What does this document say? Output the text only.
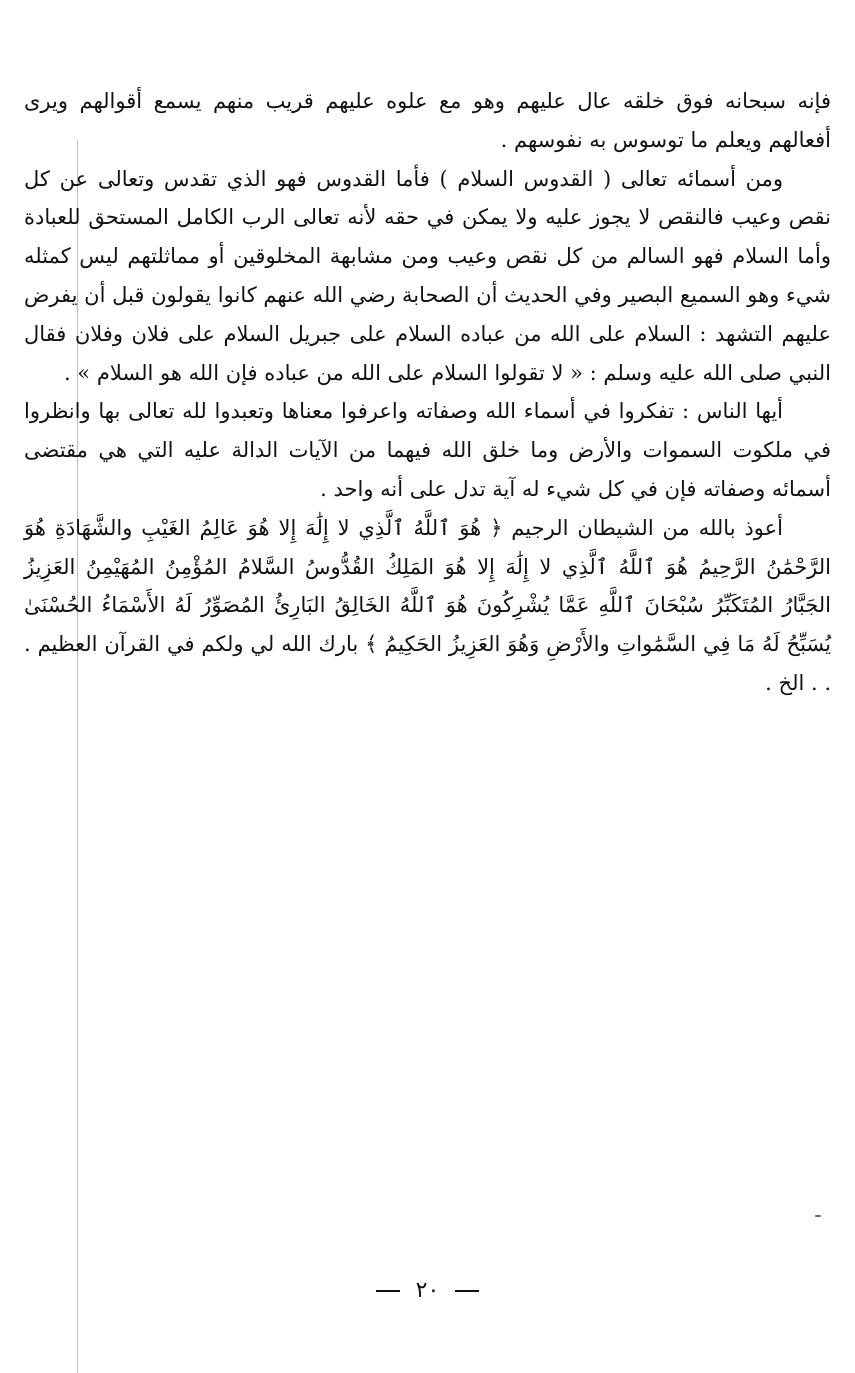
فإنه سبحانه فوق خلقه عال عليهم وهو مع علوه عليهم قريب منهم يسمع أقوالهم ويرى أفعالهم ويعلم ما توسوس به نفوسهم .

ومن أسمائه تعالى ( القدوس السلام ) فأما القدوس فهو الذي تقدس وتعالى عن كل نقص وعيب فالنقص لا يجوز عليه ولا يمكن في حقه لأنه تعالى الرب الكامل المستحق للعبادة وأما السلام فهو السالم من كل نقص وعيب ومن مشابهة المخلوقين أو مماثلتهم ليس كمثله شيء وهو السميع البصير وفي الحديث أن الصحابة رضي الله عنهم كانوا يقولون قبل أن يفرض عليهم التشهد : السلام على الله من عباده السلام على جبريل السلام على فلان وفلان فقال النبي صلى الله عليه وسلم : « لا تقولوا السلام على الله من عباده فإن الله هو السلام » .

أيها الناس : تفكروا في أسماء الله وصفاته واعرفوا معناها وتعبدوا لله تعالى بها وانظروا في ملكوت السموات والأرض وما خلق الله فيهما من الآيات الدالة عليه التي هي مقتضى أسمائه وصفاته فإن في كل شيء له آية تدل على أنه واحد .

أعوذ بالله من الشيطان الرجيم ﴿ هُوَ ٱللَّهُ ٱلَّذِي لا إِلَٰهَ إِلا هُوَ عَالِمُ الغَيْبِ والشَّهَادَةِ هُوَ الرَّحْمَٰنُ الرَّحِيمُ هُوَ ٱللَّهُ ٱلَّذِي لا إِلَٰهَ إِلا هُوَ المَلِكُ القُدُّوسُ السَّلامُ المُؤْمِنُ المُهَيْمِنُ العَزِيزُ الجَبَّارُ المُتَكَبِّرُ سُبْحَانَ ٱللَّهِ عَمَّا يُشْرِكُونَ هُوَ ٱللَّهُ الخَالِقُ البَارِئُ المُصَوِّرُ لَهُ الأَسْمَاءُ الحُسْنَىٰ يُسَبِّحُ لَهُ مَا فِي السَّمَٰواتِ والأَرْضِ وَهُوَ العَزِيزُ الحَكِيمُ ﴾ بارك الله لي ولكم في القرآن العظيم . . . الخ .

٢٠
